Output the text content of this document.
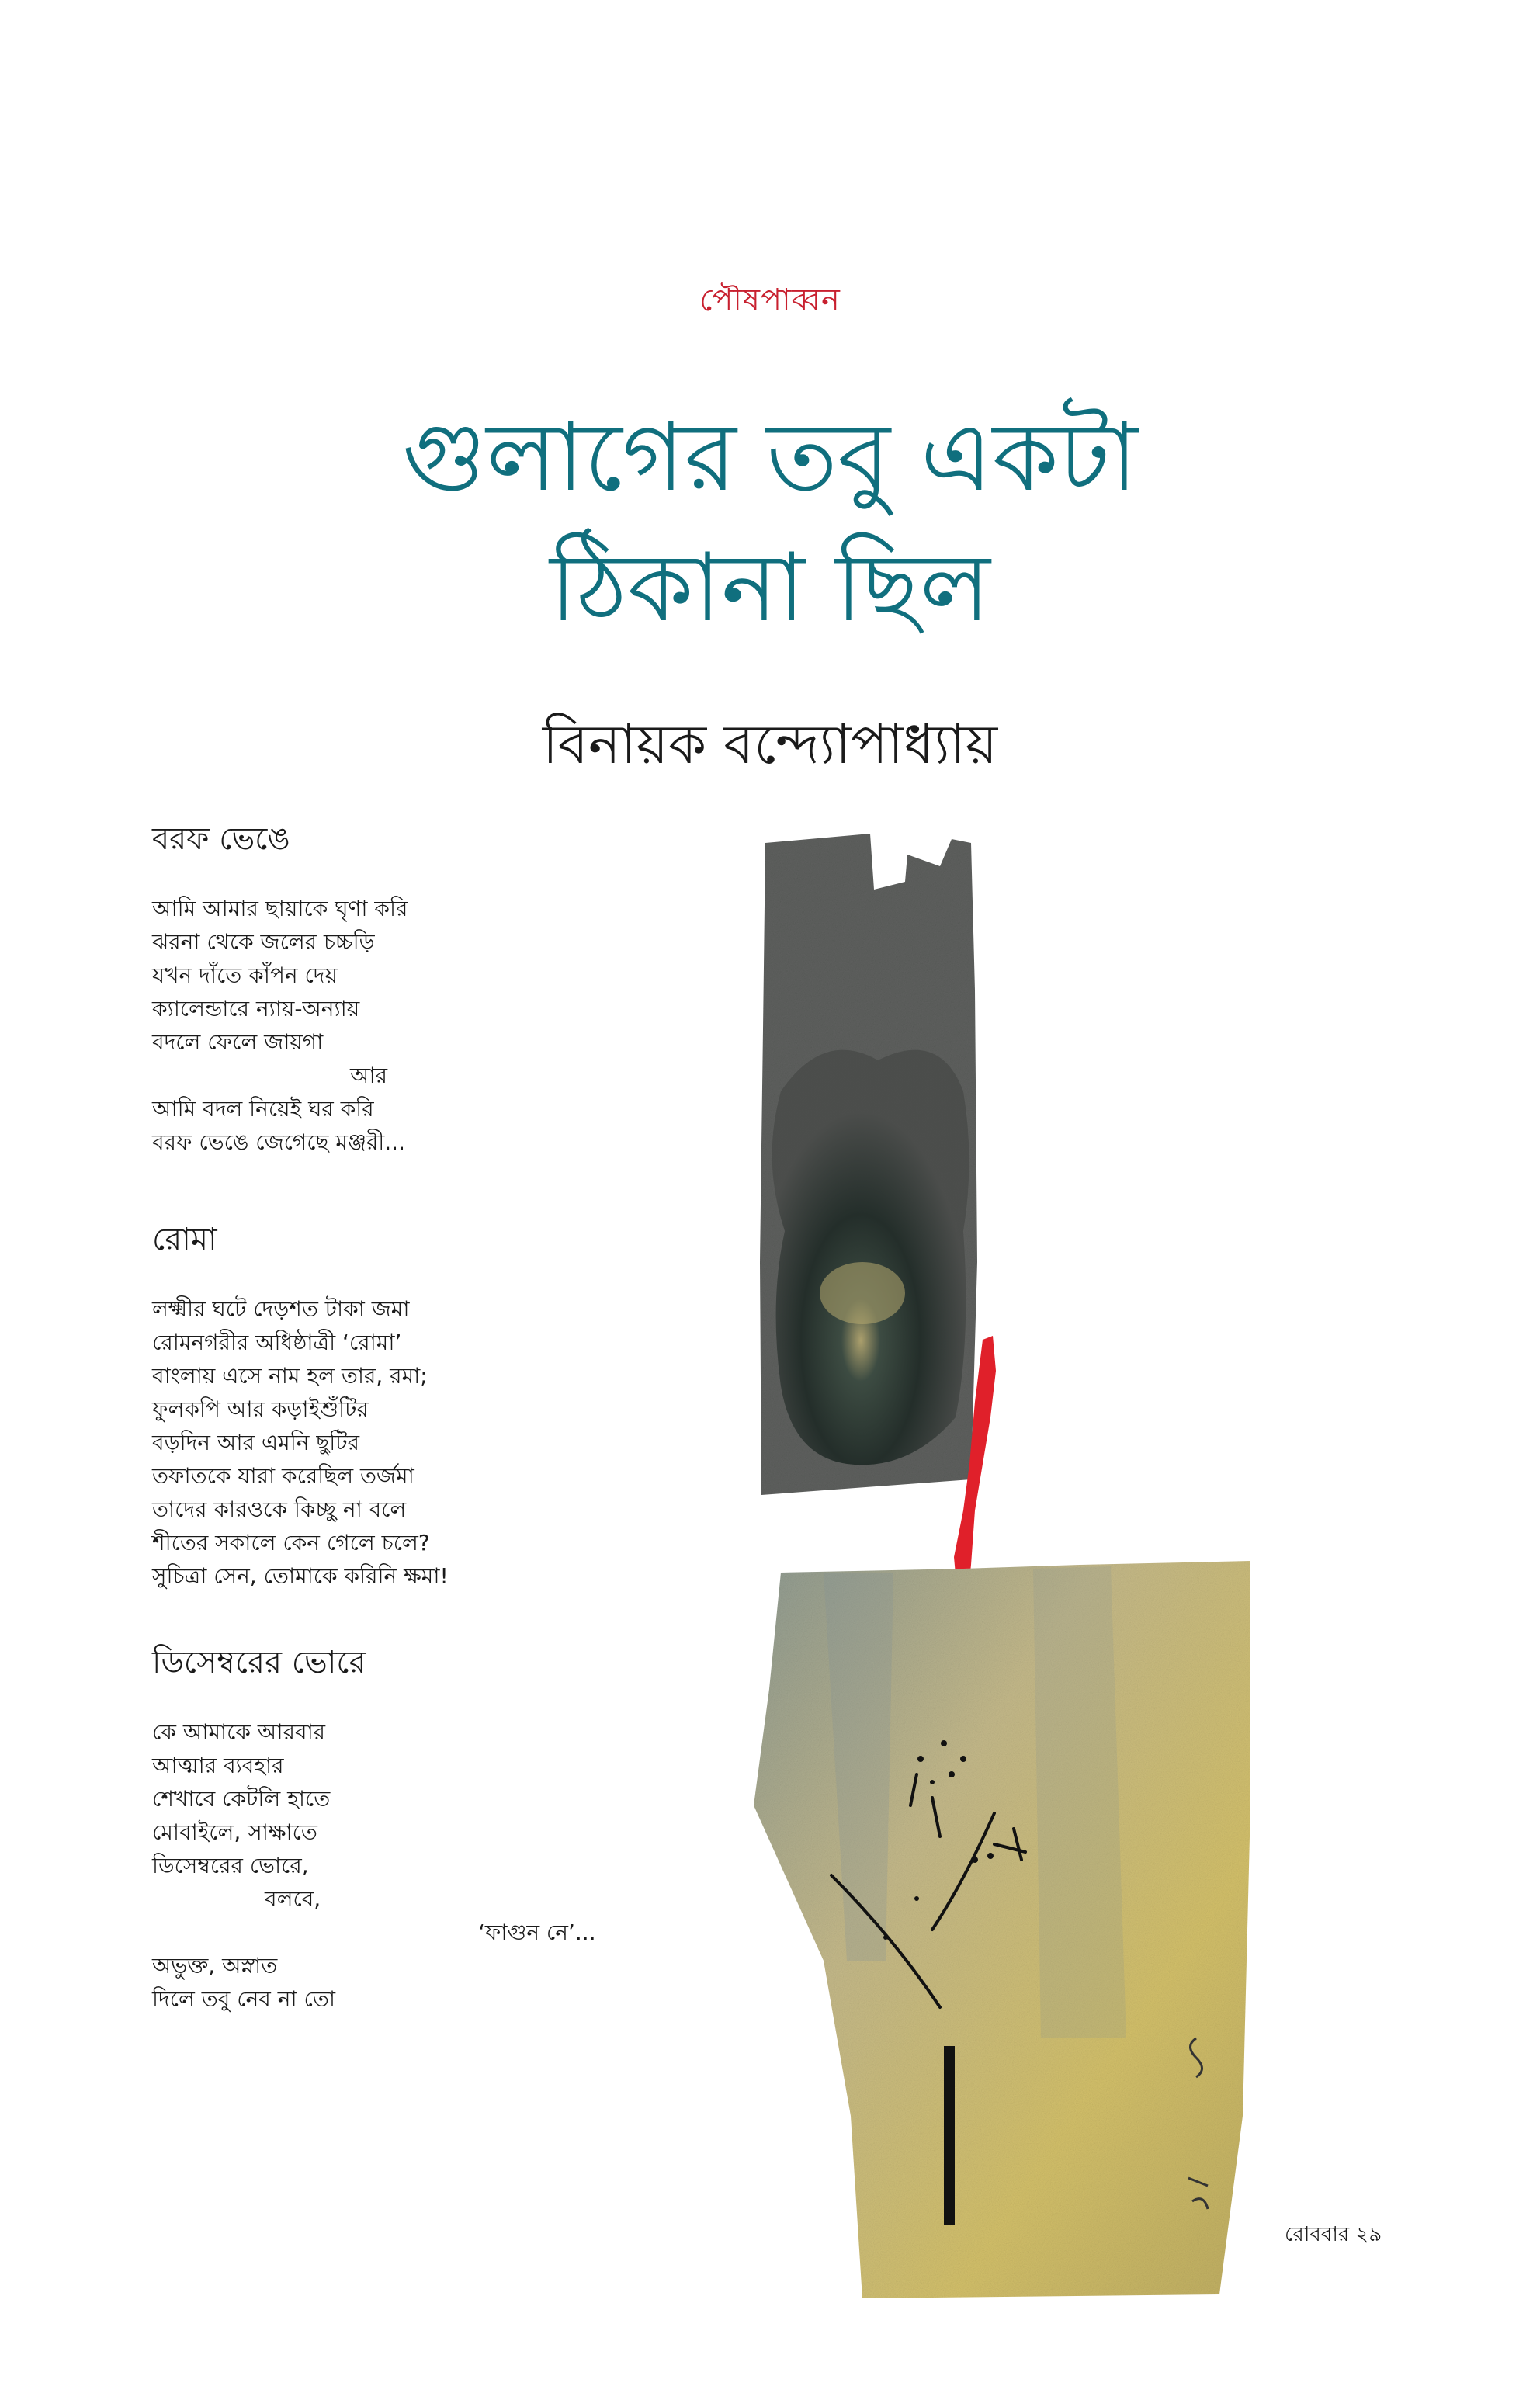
পৌষপাব্বন
গুলাগের তবু একটা
ঠিকানা ছিল
বিনায়ক বন্দ্যোপাধ্যায়
বরফ ভেঙে
আমি আমার ছায়াকে ঘৃণা করি
ঝরনা থেকে জলের চচ্চড়ি
যখন দাঁতে কাঁপন দেয়
ক্যালেন্ডারে ন্যায়-অন্যায়
বদলে ফেলে জায়গা
আর
আমি বদল নিয়েই ঘর করি
বরফ ভেঙে জেগেছে মঞ্জরী...
রোমা
লক্ষ্মীর ঘটে দেড়শত টাকা জমা
রোমনগরীর অধিষ্ঠাত্রী ‘রোমা’
বাংলায় এসে নাম হল তার, রমা;
ফুলকপি আর কড়াইশুঁটির
বড়দিন আর এমনি ছুটির
তফাতকে যারা করেছিল তর্জমা
তাদের কারওকে কিচ্ছু না বলে
শীতের সকালে কেন গেলে চলে?
সুচিত্রা সেন, তোমাকে করিনি ক্ষমা!
ডিসেম্বরের ভোরে
কে আমাকে আরবার
আত্মার ব্যবহার
শেখাবে কেটলি হাতে
মোবাইলে, সাক্ষাতে
ডিসেম্বরের ভোরে,
বলবে,
‘ফাগুন নে’...
অভুক্ত, অস্নাত
দিলে তবু নেব না তো
রোববার ২৯
